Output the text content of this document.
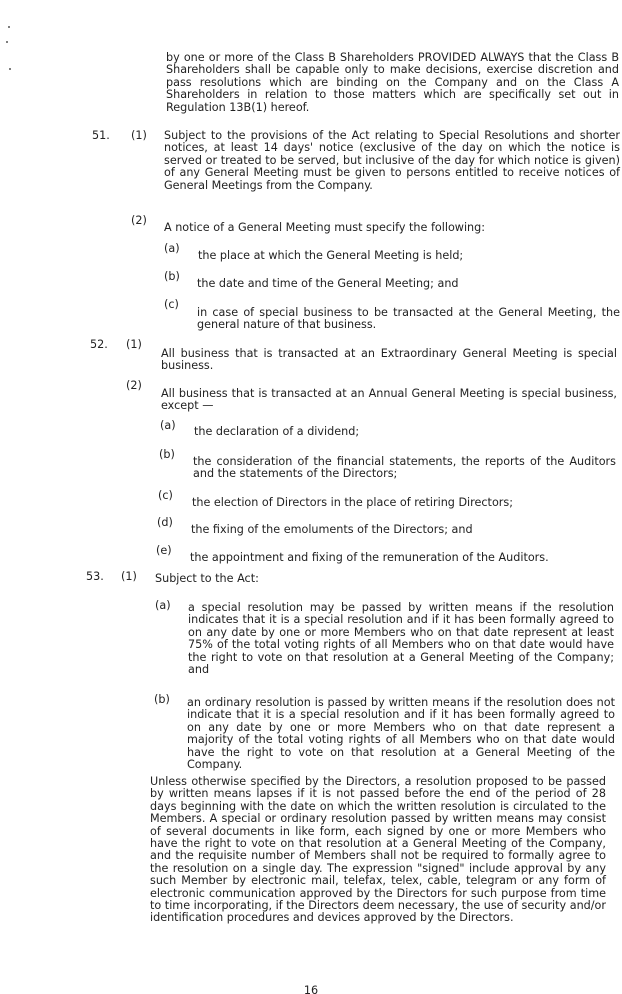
by one or more of the Class B Shareholders PROVIDED ALWAYS that the Class B Shareholders shall be capable only to make decisions, exercise discretion and pass resolutions which are binding on the Company and on the Class A Shareholders in relation to those matters which are specifically set out in Regulation 13B(1) hereof.
51. (1) Subject to the provisions of the Act relating to Special Resolutions and shorter notices, at least 14 days' notice (exclusive of the day on which the notice is served or treated to be served, but inclusive of the day for which notice is given) of any General Meeting must be given to persons entitled to receive notices of General Meetings from the Company.
(2)
A notice of a General Meeting must specify the following:
(a)
the place at which the General Meeting is held;
(b)
the date and time of the General Meeting; and
(c)
in case of special business to be transacted at the General Meeting, the general nature of that business.
52. (1)
All business that is transacted at an Extraordinary General Meeting is special business.
(2)
All business that is transacted at an Annual General Meeting is special business, except —
(a) the declaration of a dividend;
(b)
the consideration of the financial statements, the reports of the Auditors and the statements of the Directors;
(c)
the election of Directors in the place of retiring Directors;
(d)
the fixing of the emoluments of the Directors; and
(e)
the appointment and fixing of the remuneration of the Auditors.
53. (1) Subject to the Act:
(a) a special resolution may be passed by written means if the resolution indicates that it is a special resolution and if it has been formally agreed to on any date by one or more Members who on that date represent at least 75% of the total voting rights of all Members who on that date would have the right to vote on that resolution at a General Meeting of the Company; and
(b) an ordinary resolution is passed by written means if the resolution does not indicate that it is a special resolution and if it has been formally agreed to on any date by one or more Members who on that date represent a majority of the total voting rights of all Members who on that date would have the right to vote on that resolution at a General Meeting of the Company.
Unless otherwise specified by the Directors, a resolution proposed to be passed by written means lapses if it is not passed before the end of the period of 28 days beginning with the date on which the written resolution is circulated to the Members. A special or ordinary resolution passed by written means may consist of several documents in like form, each signed by one or more Members who have the right to vote on that resolution at a General Meeting of the Company, and the requisite number of Members shall not be required to formally agree to the resolution on a single day. The expression "signed" include approval by any such Member by electronic mail, telefax, telex, cable, telegram or any form of electronic communication approved by the Directors for such purpose from time to time incorporating, if the Directors deem necessary, the use of security and/or identification procedures and devices approved by the Directors.
16
